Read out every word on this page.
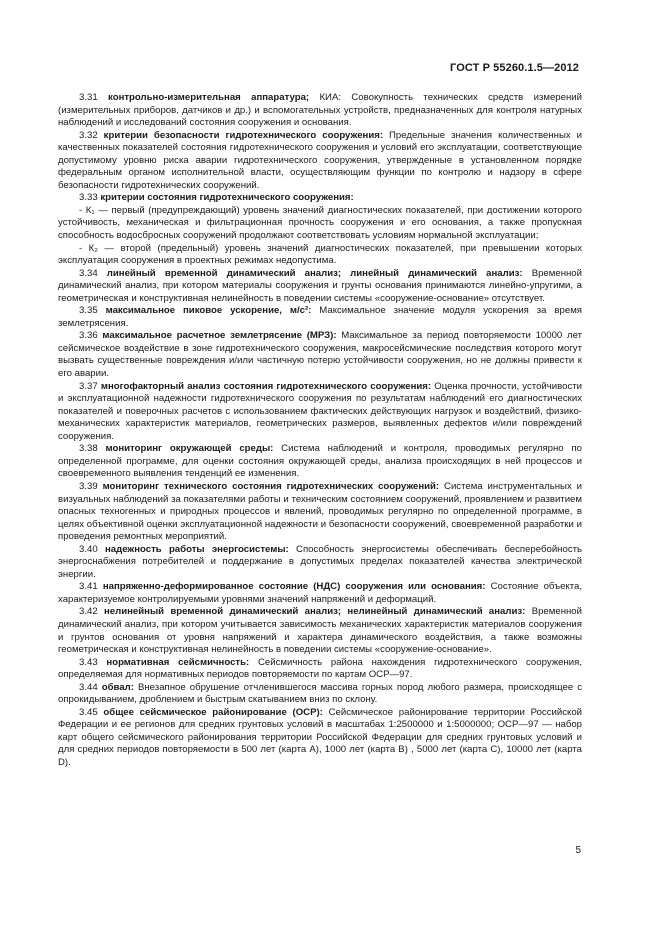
ГОСТ Р 55260.1.5—2012

3.31 контрольно-измерительная аппаратура; КИА: Совокупность технических средств измерений (измерительных приборов, датчиков и др.) и вспомогательных устройств, предназначенных для контроля натурных наблюдений и исследований состояния сооружения и основания.

3.32 критерии безопасности гидротехнического сооружения: Предельные значения количественных и качественных показателей состояния гидротехнического сооружения и условий его эксплуатации, соответствующие допустимому уровню риска аварии гидротехнического сооружения, утвержденные в установленном порядке федеральным органом исполнительной власти, осуществляющим функции по контролю и надзору в сфере безопасности гидротехнических сооружений.

3.33 критерии состояния гидротехнического сооружения:

- К₁ — первый (предупреждающий) уровень значений диагностических показателей, при достижении которого устойчивость, механическая и фильтрационная прочность сооружения и его основания, а также пропускная способность водосбросных сооружений продолжают соответствовать условиям нормальной эксплуатации;

- К₂ — второй (предельный) уровень значений диагностических показателей, при превышении которых эксплуатация сооружения в проектных режимах недопустима.

3.34 линейный временной динамический анализ; линейный динамический анализ: Временной динамический анализ, при котором материалы сооружения и грунты основания принимаются линейно-упругими, а геометрическая и конструктивная нелинейность в поведении системы «сооружение-основание» отсутствует.

3.35 максимальное пиковое ускорение, м/с²: Максимальное значение модуля ускорения за время землетрясения.

3.36 максимальное расчетное землетрясение (МРЗ): Максимальное за период повторяемости 10000 лет сейсмическое воздействие в зоне гидротехнического сооружения, макросейсмические последствия которого могут вызвать существенные повреждения и/или частичную потерю устойчивости сооружения, но не должны привести к его аварии.

3.37 многофакторный анализ состояния гидротехнического сооружения: Оценка прочности, устойчивости и эксплуатационной надежности гидротехнического сооружения по результатам наблюдений его диагностических показателей и поверочных расчетов с использованием фактических действующих нагрузок и воздействий, физико-механических характеристик материалов, геометрических размеров, выявленных дефектов и/или повреждений сооружения.

3.38 мониторинг окружающей среды: Система наблюдений и контроля, проводимых регулярно по определенной программе, для оценки состояния окружающей среды, анализа происходящих в ней процессов и своевременного выявления тенденций ее изменения.

3.39 мониторинг технического состояния гидротехнических сооружений: Система инструментальных и визуальных наблюдений за показателями работы и техническим состоянием сооружений, проявлением и развитием опасных техногенных и природных процессов и явлений, проводимых регулярно по определенной программе, в целях объективной оценки эксплуатационной надежности и безопасности сооружений, своевременной разработки и проведения ремонтных мероприятий.

3.40 надежность работы энергосистемы: Способность энергосистемы обеспечивать бесперебойность энергоснабжения потребителей и поддержание в допустимых пределах показателей качества электрической энергии.

3.41 напряженно-деформированное состояние (НДС) сооружения или основания: Состояние объекта, характеризуемое контролируемыми уровнями значений напряжений и деформаций.

3.42 нелинейный временной динамический анализ; нелинейный динамический анализ: Временной динамический анализ, при котором учитывается зависимость механических характеристик материалов сооружения и грунтов основания от уровня напряжений и характера динамического воздействия, а также возможны геометрическая и конструктивная нелинейность в поведении системы «сооружение-основание».

3.43 нормативная сейсмичность: Сейсмичность района нахождения гидротехнического сооружения, определяемая для нормативных периодов повторяемости по картам ОСР—97.

3.44 обвал: Внезапное обрушение отчленившегося массива горных пород любого размера, происходящее с опрокидыванием, дроблением и быстрым скатыванием вниз по склону.

3.45 общее сейсмическое районирование (ОСР): Сейсмическое районирование территории Российской Федерации и ее регионов для средних грунтовых условий в масштабах 1:2500000 и 1:5000000; ОСР—97 — набор карт общего сейсмического районирования территории Российской Федерации для средних грунтовых условий и для средних периодов повторяемости в 500 лет (карта А), 1000 лет (карта В) , 5000 лет (карта С), 10000 лет (карта D).

5
